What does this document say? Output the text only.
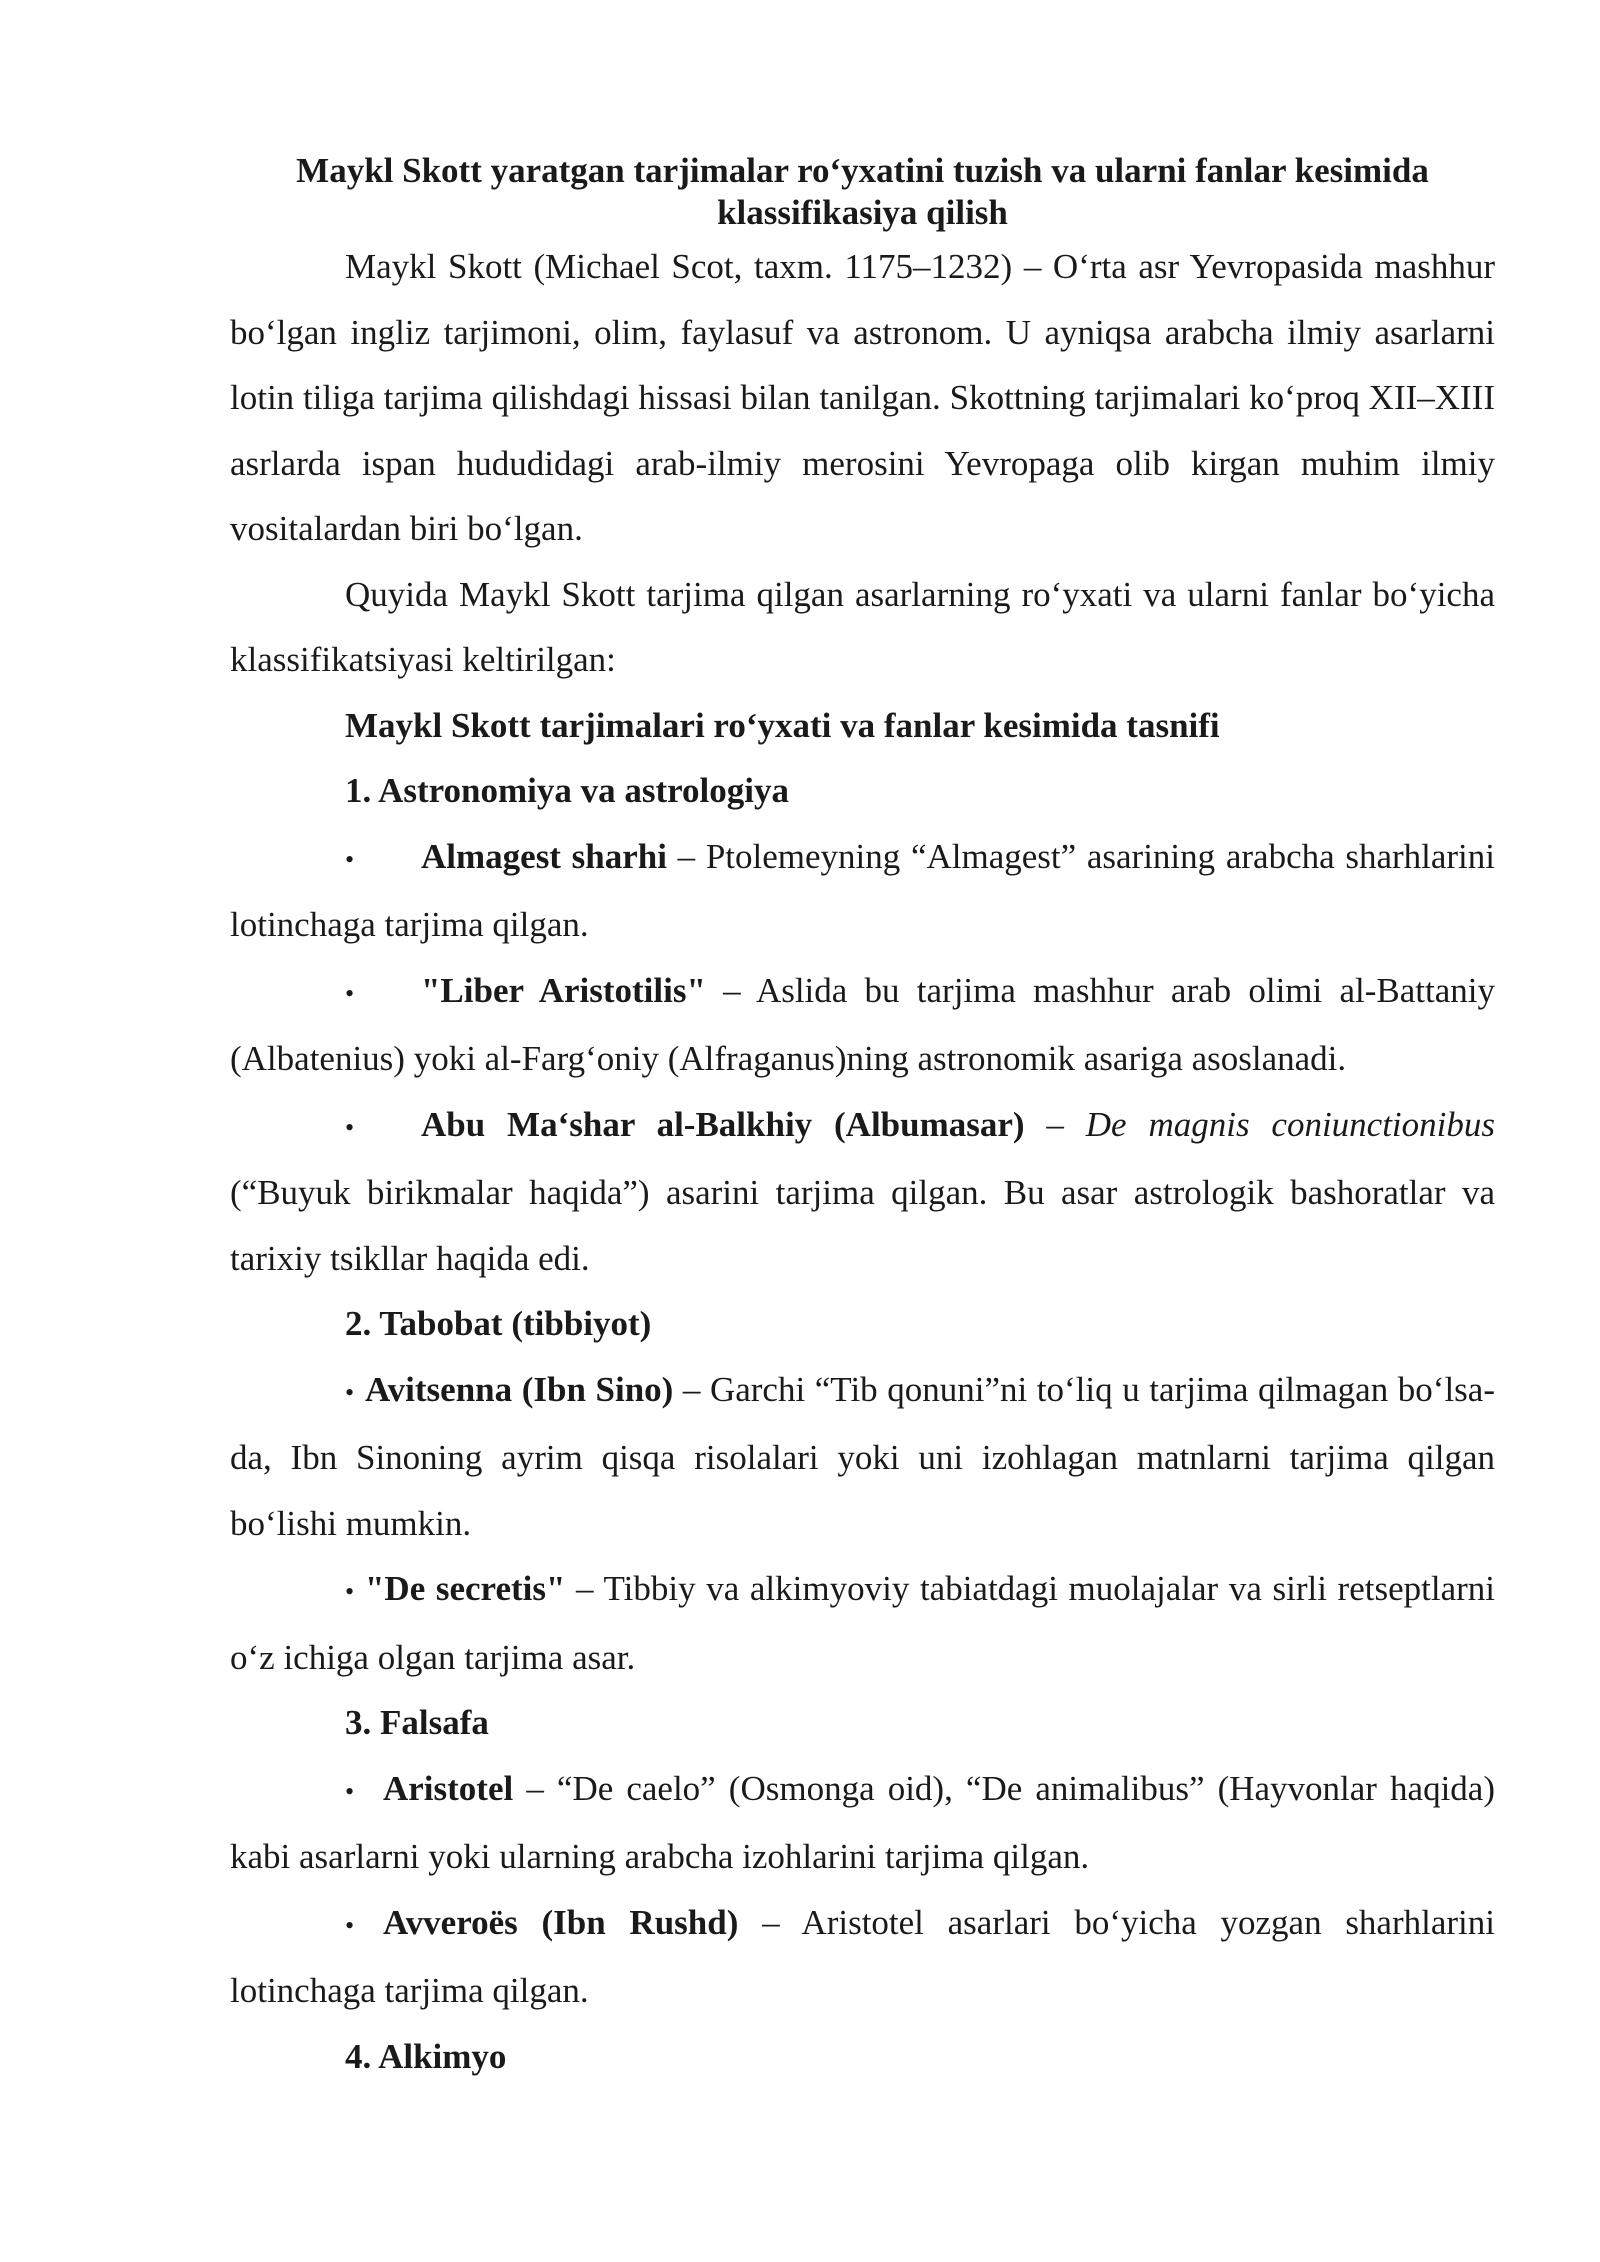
Maykl Skott yaratgan tarjimalar ro‘yxatini tuzish va ularni fanlar kesimida klassifikasiya qilish

Maykl Skott (Michael Scot, taxm. 1175–1232) – O‘rta asr Yevropasida mashhur bo‘lgan ingliz tarjimoni, olim, faylasuf va astronom. U ayniqsa arabcha ilmiy asarlarni lotin tiliga tarjima qilishdagi hissasi bilan tanilgan. Skottning tarjimalari ko‘proq XII–XIII asrlarda ispan hududidagi arab-ilmiy merosini Yevropaga olib kirgan muhim ilmiy vositalardan biri bo‘lgan.

Quyida Maykl Skott tarjima qilgan asarlarning ro‘yxati va ularni fanlar bo‘yicha klassifikatsiyasi keltirilgan:

Maykl Skott tarjimalari ro‘yxati va fanlar kesimida tasnifi

1. Astronomiya va astrologiya

• Almagest sharhi – Ptolemeyning “Almagest” asarining arabcha sharhlarini lotinchaga tarjima qilgan.

• "Liber Aristotilis" – Aslida bu tarjima mashhur arab olimi al-Battaniy (Albatenius) yoki al-Farg‘oniy (Alfraganus)ning astronomik asariga asoslanadi.

• Abu Ma‘shar al-Balkhiy (Albumasar) – De magnis coniunctionibus (“Buyuk birikmalar haqida”) asarini tarjima qilgan. Bu asar astrologik bashoratlar va tarixiy tsikllar haqida edi.

2. Tabobat (tibbiyot)

• Avitsenna (Ibn Sino) – Garchi “Tib qonuni”ni to‘liq u tarjima qilmagan bo‘lsa-da, Ibn Sinoning ayrim qisqa risolalari yoki uni izohlagan matnlarni tarjima qilgan bo‘lishi mumkin.

• "De secretis" – Tibbiy va alkimyoviy tabiatdagi muolajalar va sirli retseptlarni o‘z ichiga olgan tarjima asar.

3. Falsafa

• Aristotel – “De caelo” (Osmonga oid), “De animalibus” (Hayvonlar haqida) kabi asarlarni yoki ularning arabcha izohlarini tarjima qilgan.

• Avveroës (Ibn Rushd) – Aristotel asarlari bo‘yicha yozgan sharhlarini lotinchaga tarjima qilgan.

4. Alkimyo
